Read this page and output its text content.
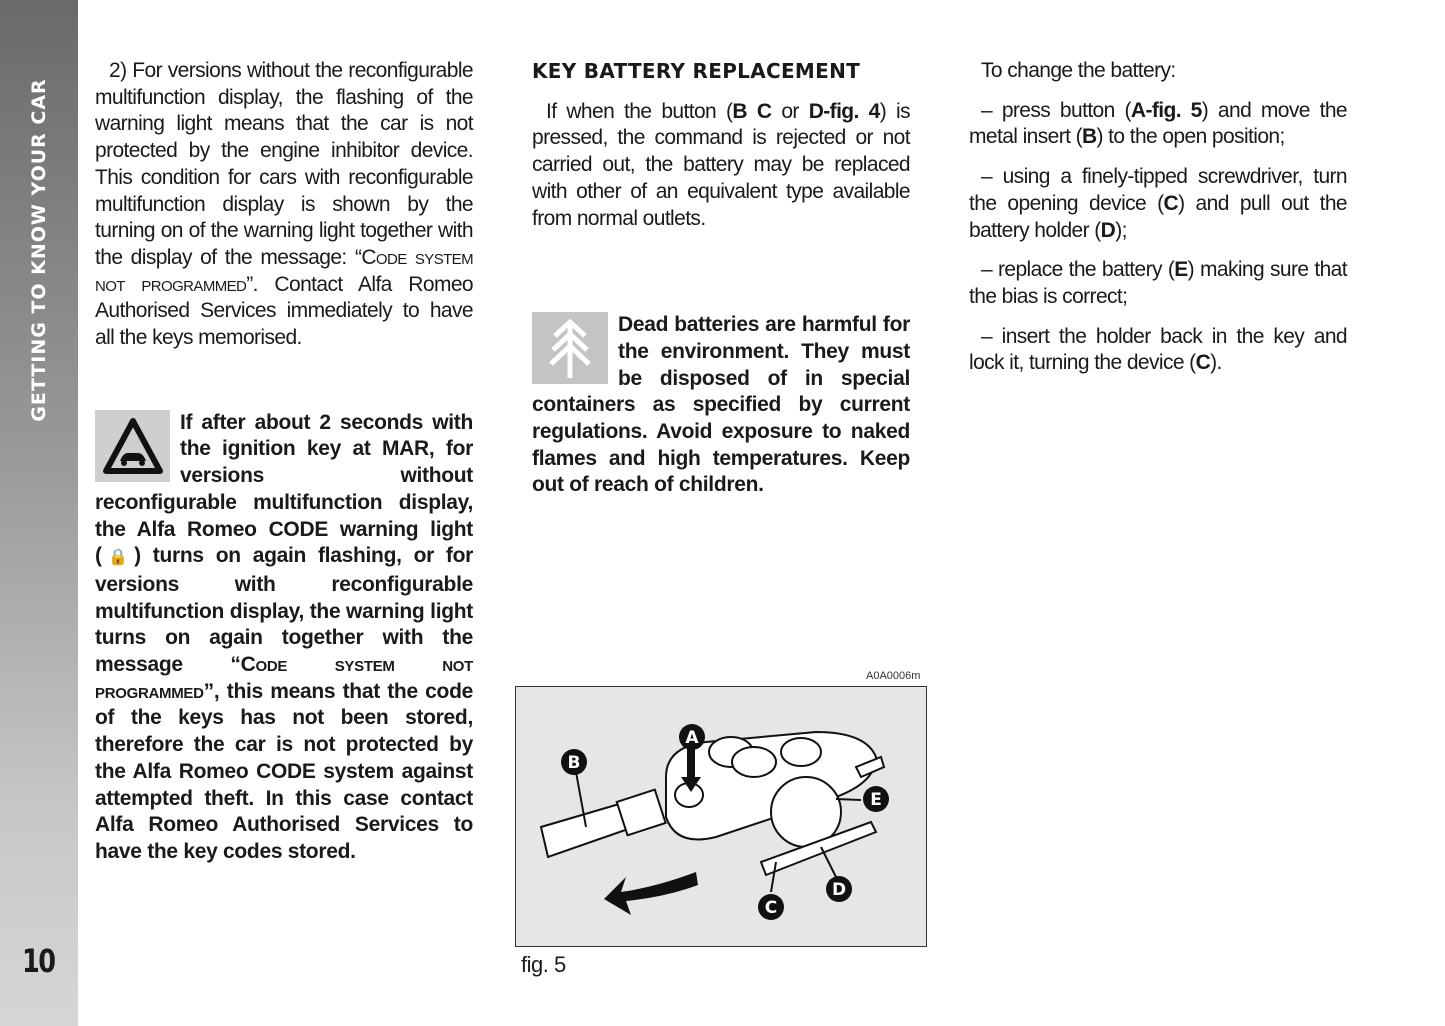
GETTING TO KNOW YOUR CAR
10

2) For versions without the reconfigurable multifunction display, the flashing of the warning light means that the car is not protected by the engine inhibitor device. This condition for cars with reconfigurable multifunction display is shown by the turning on of the warning light together with the display of the message: “Code system not programmed”. Contact Alfa Romeo Authorised Services immediately to have all the keys memorised.

If after about 2 seconds with the ignition key at MAR, for versions without reconfigurable multifunction display, the Alfa Romeo CODE warning light (🔒) turns on again flashing, or for versions with reconfigurable multifunction display, the warning light turns on again together with the message “Code system not programmed”, this means that the code of the keys has not been stored, therefore the car is not protected by the Alfa Romeo CODE system against attempted theft. In this case contact Alfa Romeo Authorised Services to have the key codes stored.
KEY BATTERY REPLACEMENT

If when the button (B C or D-fig. 4) is pressed, the command is rejected or not carried out, the battery may be replaced with other of an equivalent type available from normal outlets.

Dead batteries are harmful for the environment. They must be disposed of in special containers as specified by current regulations. Avoid exposure to naked flames and high temperatures. Keep out of reach of children.
A0A0006m
A
B
C
D
E
fig. 5

To change the battery:

– press button (A-fig. 5) and move the metal insert (B) to the open position;

– using a finely-tipped screwdriver, turn the opening device (C) and pull out the battery holder (D);

– replace the battery (E) making sure that the bias is correct;

– insert the holder back in the key and lock it, turning the device (C).
